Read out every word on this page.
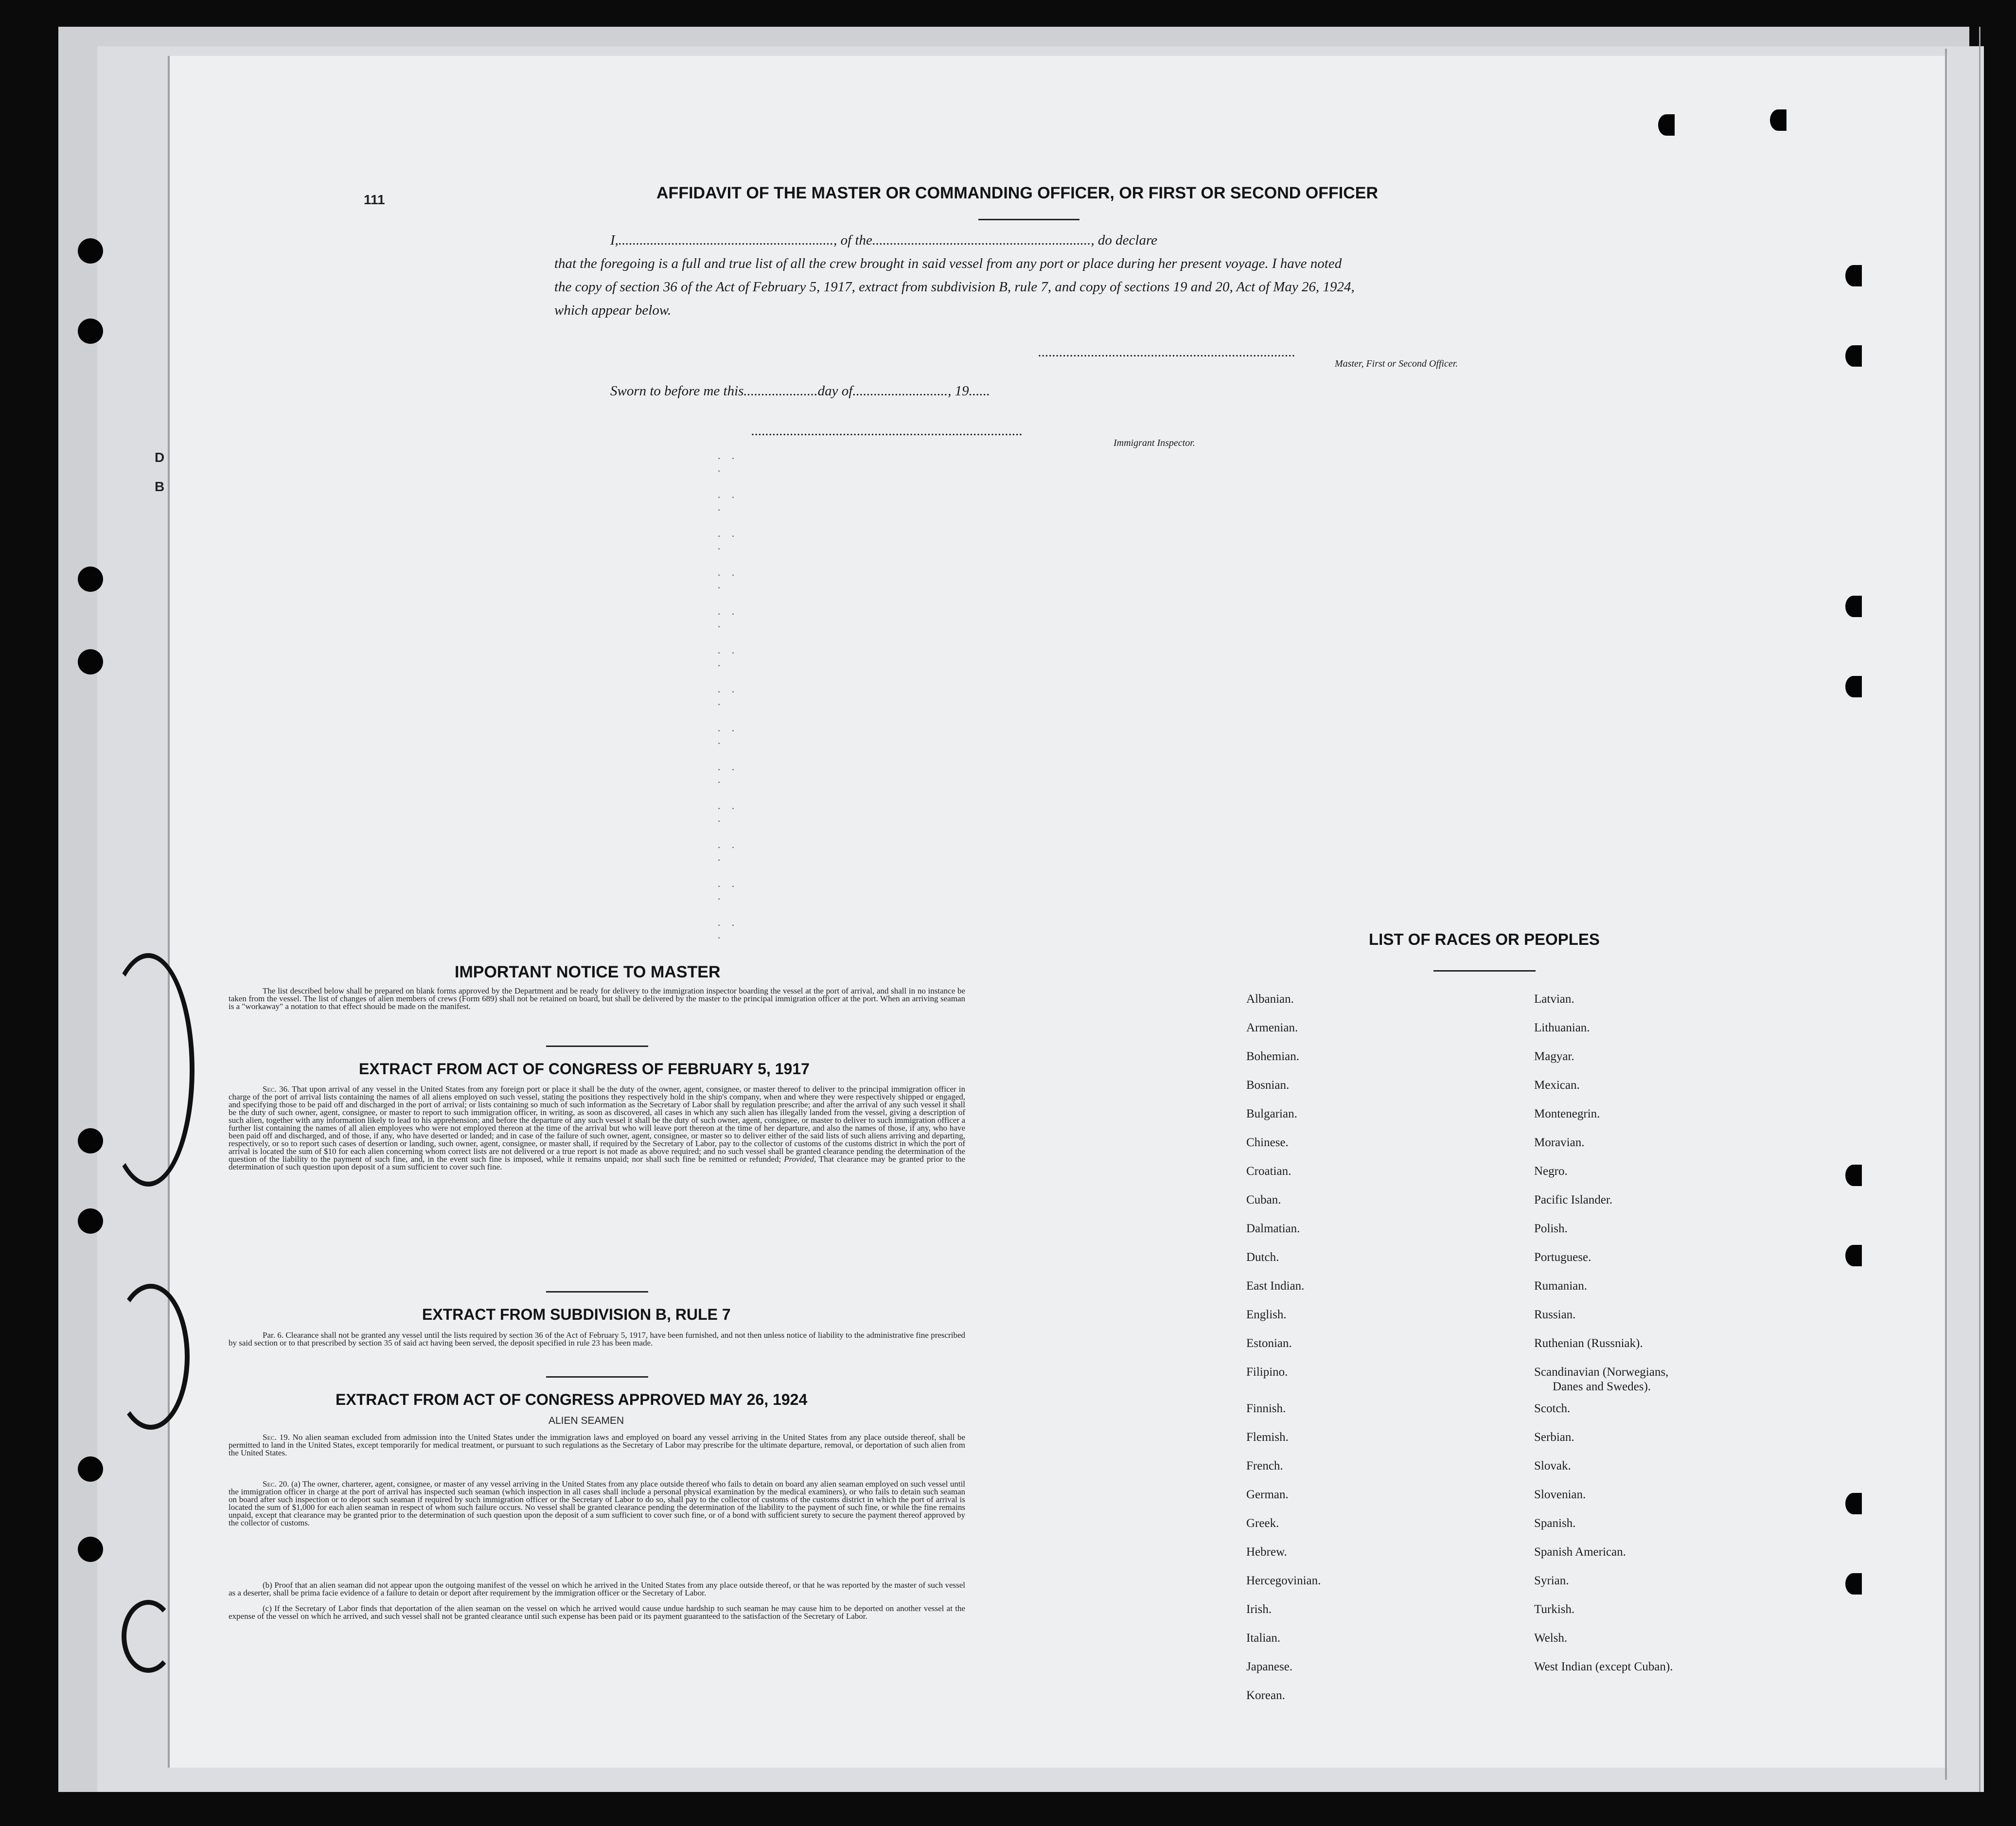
111
D
B
AFFIDAVIT OF THE MASTER OR COMMANDING OFFICER, OR FIRST OR SECOND OFFICER
I,............................................................., of the.............................................................., do declare
that the foregoing is a full and true list of all the crew brought in said vessel from any port or place during her present voyage. I have noted
the copy of section 36 of the Act of February 5, 1917, extract from subdivision B, rule 7, and copy of sections 19 and 20, Act of May 26, 1924,
which appear below.
.........................................................................
Master, First or Second Officer.
Sworn to before me this.....................day of..........................., 19......
.............................................................................
Immigrant Inspector.
· · ·
· · ·
· · ·
· · ·
· · ·
· · ·
· · ·
· · ·
· · ·
· · ·
· · ·
· · ·
· · ·
IMPORTANT NOTICE TO MASTER
The list described below shall be prepared on blank forms approved by the Department and be ready for delivery to the immigration inspector boarding the vessel at the port of arrival, and shall in no instance be taken from the vessel. The list of changes of alien members of crews (Form 689) shall not be retained on board, but shall be delivered by the master to the principal immigration officer at the port. When an arriving seaman is a "workaway" a notation to that effect should be made on the manifest.
EXTRACT FROM ACT OF CONGRESS OF FEBRUARY 5, 1917
Sec. 36. That upon arrival of any vessel in the United States from any foreign port or place it shall be the duty of the owner, agent, consignee, or master thereof to deliver to the principal immigration officer in charge of the port of arrival lists containing the names of all aliens employed on such vessel, stating the positions they respectively hold in the ship's company, when and where they were respectively shipped or engaged, and specifying those to be paid off and discharged in the port of arrival; or lists containing so much of such information as the Secretary of Labor shall by regulation prescribe; and after the arrival of any such vessel it shall be the duty of such owner, agent, consignee, or master to report to such immigration officer, in writing, as soon as discovered, all cases in which any such alien has illegally landed from the vessel, giving a description of such alien, together with any information likely to lead to his apprehension; and before the departure of any such vessel it shall be the duty of such owner, agent, consignee, or master to deliver to such immigration officer a further list containing the names of all alien employees who were not employed thereon at the time of the arrival but who will leave port thereon at the time of her departure, and also the names of those, if any, who have been paid off and discharged, and of those, if any, who have deserted or landed; and in case of the failure of such owner, agent, consignee, or master so to deliver either of the said lists of such aliens arriving and departing, respectively, or so to report such cases of desertion or landing, such owner, agent, consignee, or master shall, if required by the Secretary of Labor, pay to the collector of customs of the customs district in which the port of arrival is located the sum of $10 for each alien concerning whom correct lists are not delivered or a true report is not made as above required; and no such vessel shall be granted clearance pending the determination of the question of the liability to the payment of such fine, and, in the event such fine is imposed, while it remains unpaid; nor shall such fine be remitted or refunded; Provided, That clearance may be granted prior to the determination of such question upon deposit of a sum sufficient to cover such fine.
EXTRACT FROM SUBDIVISION B, RULE 7
Par. 6. Clearance shall not be granted any vessel until the lists required by section 36 of the Act of February 5, 1917, have been furnished, and not then unless notice of liability to the administrative fine prescribed by said section or to that prescribed by section 35 of said act having been served, the deposit specified in rule 23 has been made.
EXTRACT FROM ACT OF CONGRESS APPROVED MAY 26, 1924
ALIEN SEAMEN
Sec. 19. No alien seaman excluded from admission into the United States under the immigration laws and employed on board any vessel arriving in the United States from any place outside thereof, shall be permitted to land in the United States, except temporarily for medical treatment, or pursuant to such regulations as the Secretary of Labor may prescribe for the ultimate departure, removal, or deportation of such alien from the United States.
Sec. 20. (a) The owner, charterer, agent, consignee, or master of any vessel arriving in the United States from any place outside thereof who fails to detain on board any alien seaman employed on such vessel until the immigration officer in charge at the port of arrival has inspected such seaman (which inspection in all cases shall include a personal physical examination by the medical examiners), or who fails to detain such seaman on board after such inspection or to deport such seaman if required by such immigration officer or the Secretary of Labor to do so, shall pay to the collector of customs of the customs district in which the port of arrival is located the sum of $1,000 for each alien seaman in respect of whom such failure occurs. No vessel shall be granted clearance pending the determination of the liability to the payment of such fine, or while the fine remains unpaid, except that clearance may be granted prior to the determination of such question upon the deposit of a sum sufficient to cover such fine, or of a bond with sufficient surety to secure the payment thereof approved by the collector of customs.
(b) Proof that an alien seaman did not appear upon the outgoing manifest of the vessel on which he arrived in the United States from any place outside thereof, or that he was reported by the master of such vessel as a deserter, shall be prima facie evidence of a failure to detain or deport after requirement by the immigration officer or the Secretary of Labor.
(c) If the Secretary of Labor finds that deportation of the alien seaman on the vessel on which he arrived would cause undue hardship to such seaman he may cause him to be deported on another vessel at the expense of the vessel on which he arrived, and such vessel shall not be granted clearance until such expense has been paid or its payment guaranteed to the satisfaction of the Secretary of Labor.
LIST OF RACES OR PEOPLES
Albanian.
Armenian.
Bohemian.
Bosnian.
Bulgarian.
Chinese.
Croatian.
Cuban.
Dalmatian.
Dutch.
East Indian.
English.
Estonian.
Filipino.
Finnish.
Flemish.
French.
German.
Greek.
Hebrew.
Hercegovinian.
Irish.
Italian.
Japanese.
Korean.
Latvian.
Lithuanian.
Magyar.
Mexican.
Montenegrin.
Moravian.
Negro.
Pacific Islander.
Polish.
Portuguese.
Rumanian.
Russian.
Ruthenian (Russniak).
Scandinavian (Norwegians,
Danes and Swedes).
Scotch.
Serbian.
Slovak.
Slovenian.
Spanish.
Spanish American.
Syrian.
Turkish.
Welsh.
West Indian (except Cuban).
